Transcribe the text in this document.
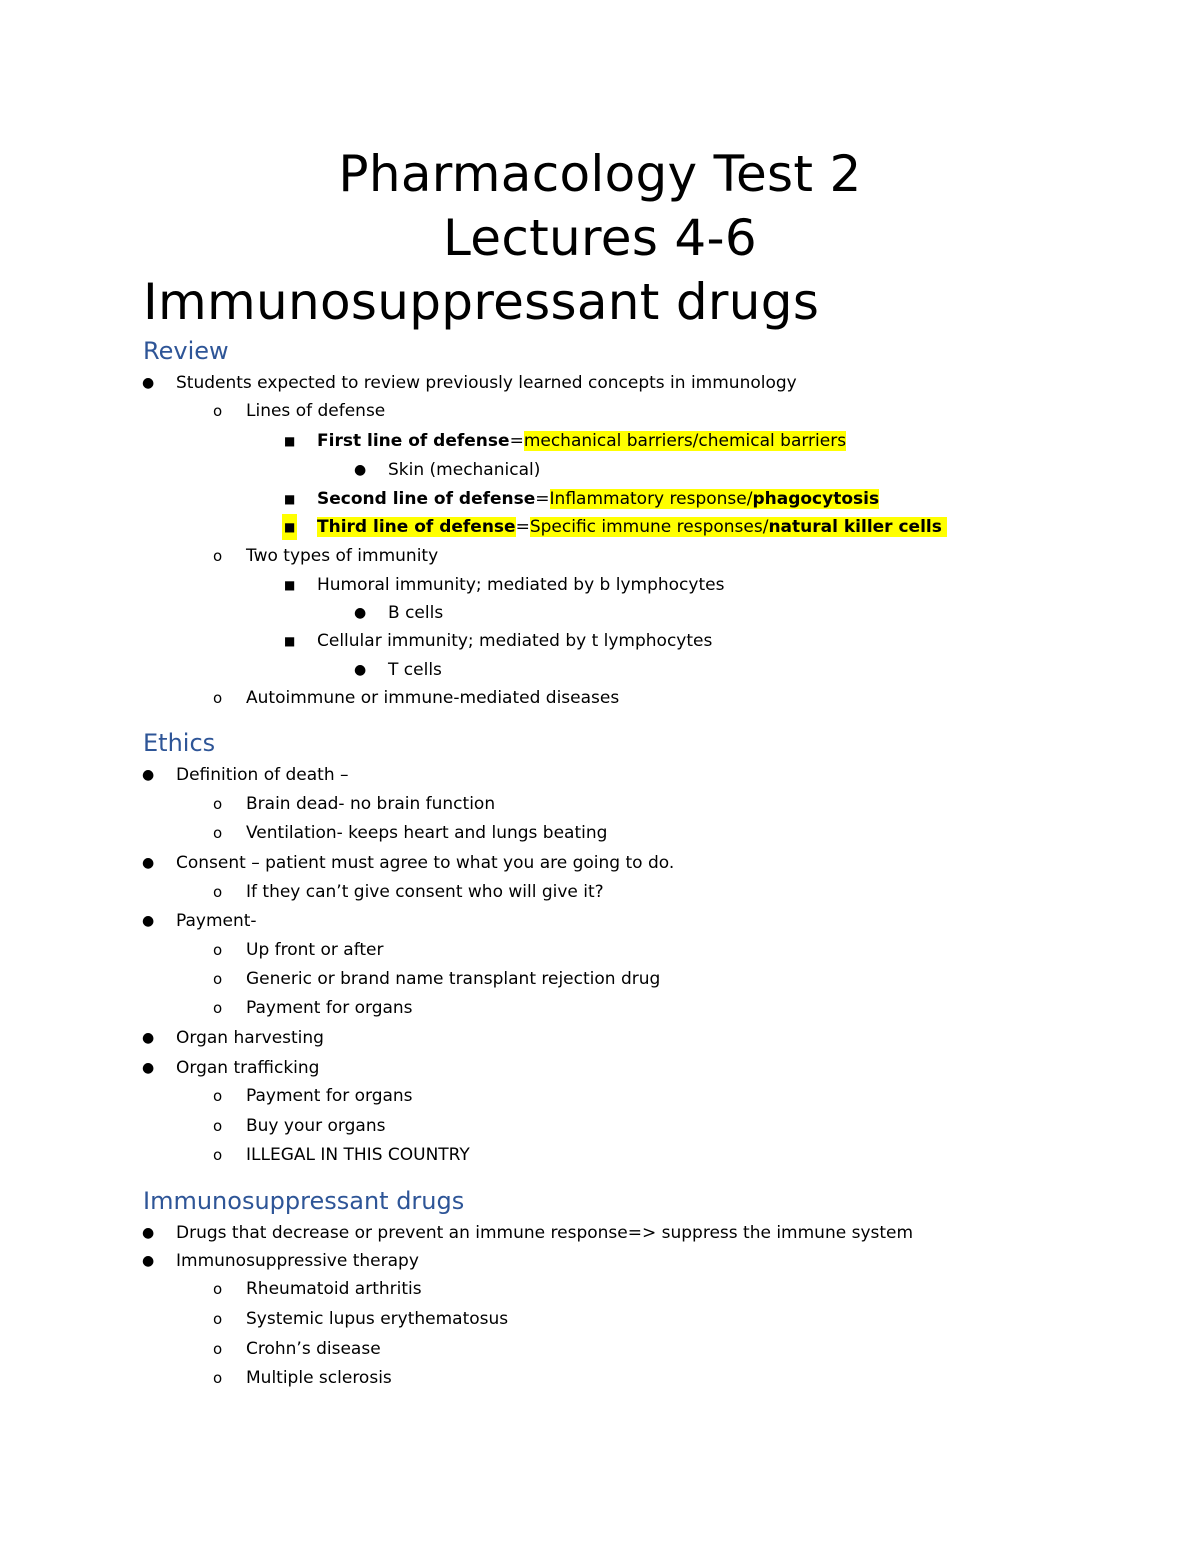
Pharmacology Test 2
Lectures 4-6
Immunosuppressant drugs
Review
● Students expected to review previously learned concepts in immunology
o Lines of defense
■ First line of defense=mechanical barriers/chemical barriers
● Skin (mechanical)
■ Second line of defense=Inflammatory response/phagocytosis
■ Third line of defense=Specific immune responses/natural killer cells
o Two types of immunity
■ Humoral immunity; mediated by b lymphocytes
● B cells
■ Cellular immunity; mediated by t lymphocytes
● T cells
o Autoimmune or immune-mediated diseases
Ethics
● Definition of death –
o Brain dead- no brain function
o Ventilation- keeps heart and lungs beating
● Consent – patient must agree to what you are going to do.
o If they can’t give consent who will give it?
● Payment-
o Up front or after
o Generic or brand name transplant rejection drug
o Payment for organs
● Organ harvesting
● Organ trafficking
o Payment for organs
o Buy your organs
o ILLEGAL IN THIS COUNTRY
Immunosuppressant drugs
● Drugs that decrease or prevent an immune response=> suppress the immune system
● Immunosuppressive therapy
o Rheumatoid arthritis
o Systemic lupus erythematosus
o Crohn’s disease
o Multiple sclerosis
